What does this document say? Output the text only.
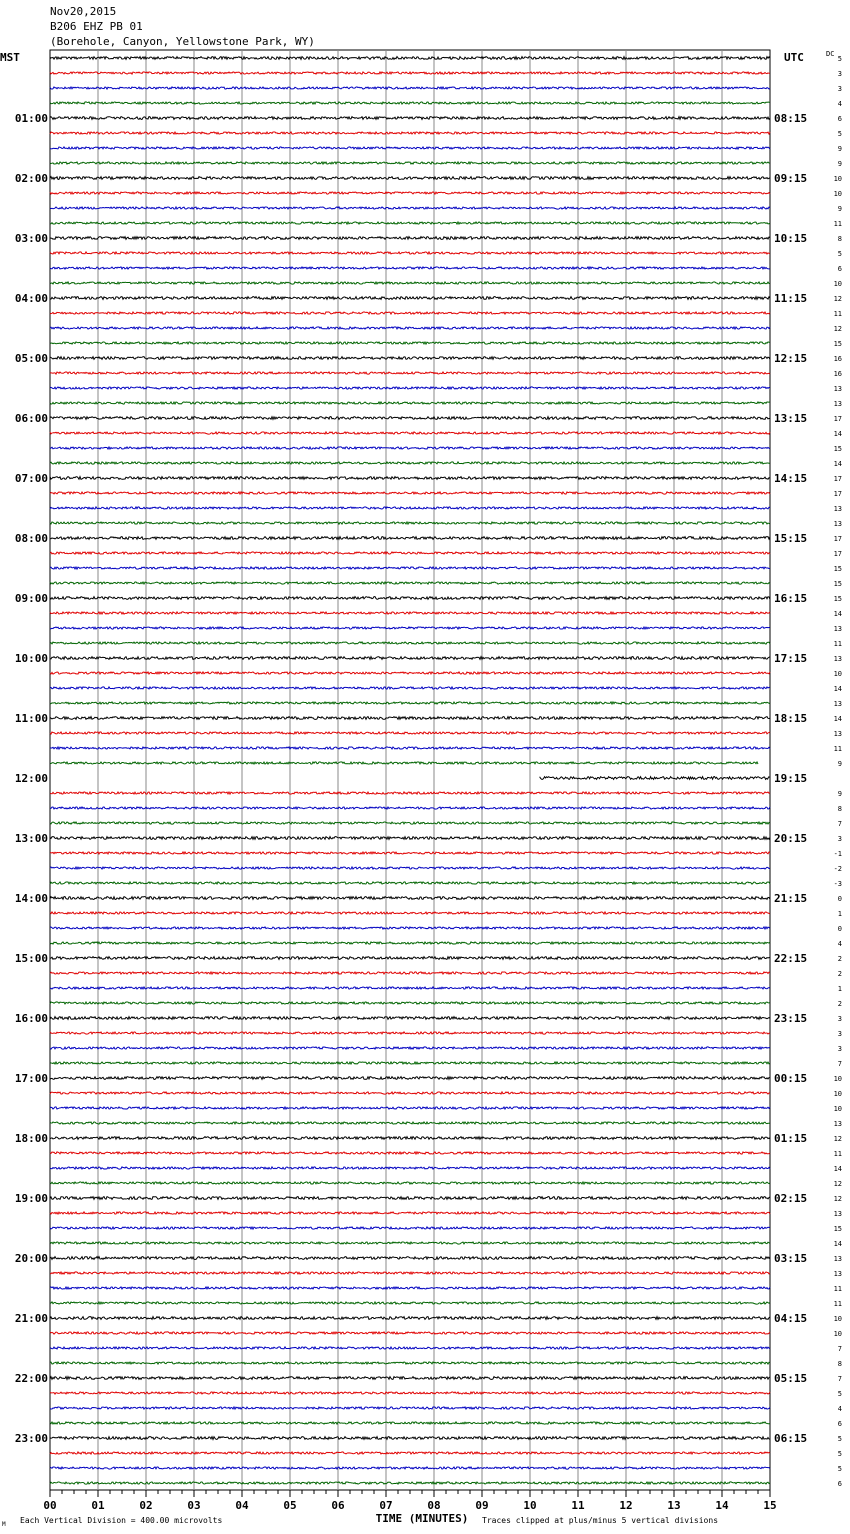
Nov20,2015
B206 EHZ PB 01
(Borehole, Canyon, Yellowstone Park, WY)
00	01	02	03	04	05	06	07	08	09	10	11	12	13	14	15
5
3
3
4
6
5
9
9
10
10
9
11
8
5
6
10
12
11
12
15
16
16
13
13
17
14
15
14
17
17
13
13
17
17
15
15
15
14
13
11
13
10
14
13
14
13
11
9
9
8
7
3
-1
-2
-3
0
1
0
4
2
2
1
2
3
3
3
7
10
10
10
13
12
11
14
12
12
13
15
14
13
13
11
11
10
10
7
8
7
5
4
6
5
5
5
6
01:00
02:00
03:00
04:00
05:00
06:00
07:00
08:00
09:00
10:00
11:00
12:00
13:00
14:00
15:00
16:00
17:00
18:00
19:00
20:00
21:00
22:00
23:00
08:15
09:15
10:15
11:15
12:15
13:15
14:15
15:15
16:15
17:15
18:15
19:15
20:15
21:15
22:15
23:15
00:15
01:15
02:15
03:15
04:15
05:15
06:15
MST	UTC	DC
TIME (MINUTES)
Each Vertical Division = 400.00 microvolts	Traces clipped at plus/minus 5 vertical divisions
M
